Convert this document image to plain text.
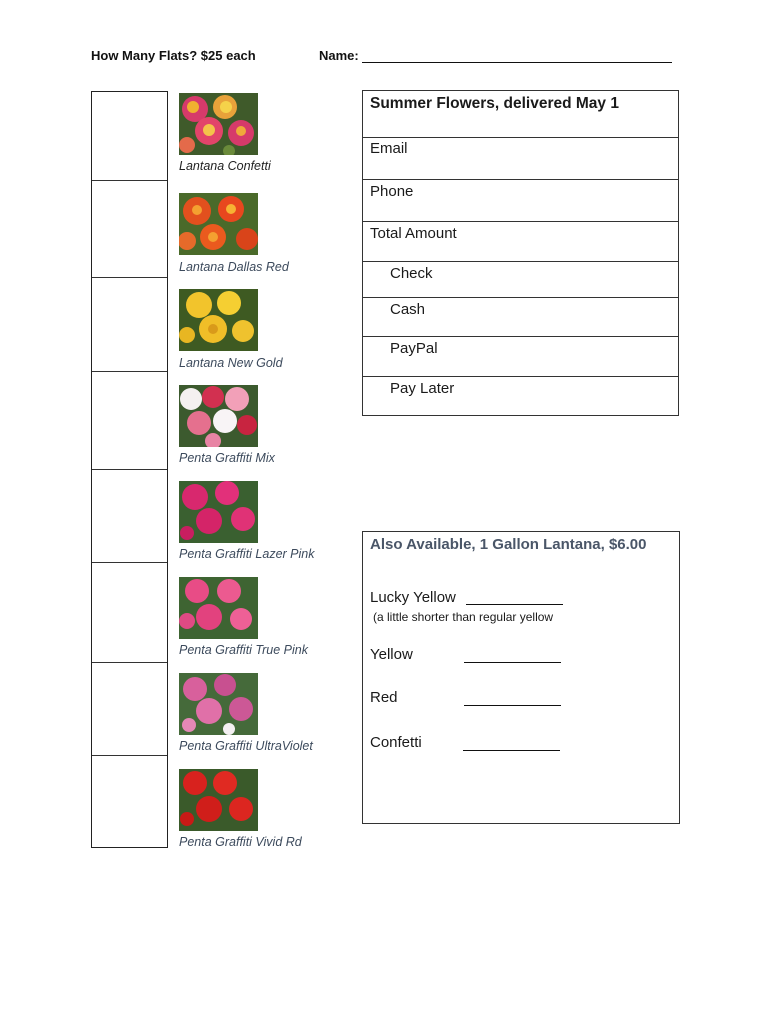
How Many Flats? $25 each	Name:
Lantana Confetti
Lantana Dallas Red
Lantana New Gold
Penta Graffiti Mix
Penta Graffiti Lazer Pink
Penta Graffiti True Pink
Penta Graffiti UltraViolet
Penta Graffiti Vivid Rd
Summer Flowers, delivered May 1
Email
Phone
Total Amount
Check
Cash
PayPal
Pay Later
Also Available, 1 Gallon Lantana, $6.00
Lucky Yellow
(a little shorter than regular yellow
Yellow
Red
Confetti
